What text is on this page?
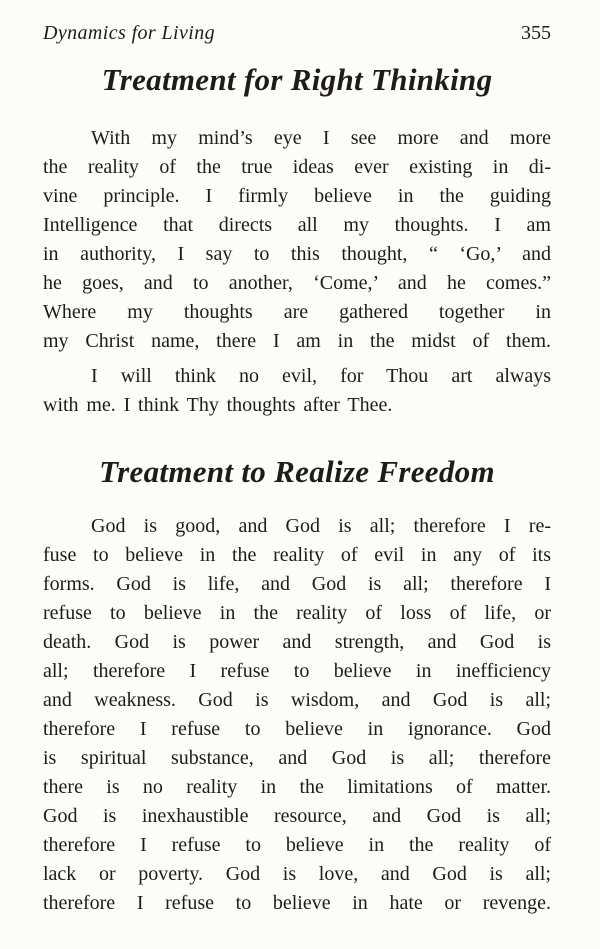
Dynamics for Living	355
Treatment for Right Thinking
With my mind’s eye I see more and more
the reality of the true ideas ever existing in di-
vine principle. I firmly believe in the guiding
Intelligence that directs all my thoughts. I am
in authority, I say to this thought, “ ‘Go,’ and
he goes, and to another, ‘Come,’ and he comes.”
Where my thoughts are gathered together in
my Christ name, there I am in the midst of them.
I will think no evil, for Thou art always
with me. I think Thy thoughts after Thee.
Treatment to Realize Freedom
God is good, and God is all; therefore I re-
fuse to believe in the reality of evil in any of its
forms. God is life, and God is all; therefore I
refuse to believe in the reality of loss of life, or
death. God is power and strength, and God is
all; therefore I refuse to believe in inefficiency
and weakness. God is wisdom, and God is all;
therefore I refuse to believe in ignorance. God
is spiritual substance, and God is all; therefore
there is no reality in the limitations of matter.
God is inexhaustible resource, and God is all;
therefore I refuse to believe in the reality of
lack or poverty. God is love, and God is all;
therefore I refuse to believe in hate or revenge.
